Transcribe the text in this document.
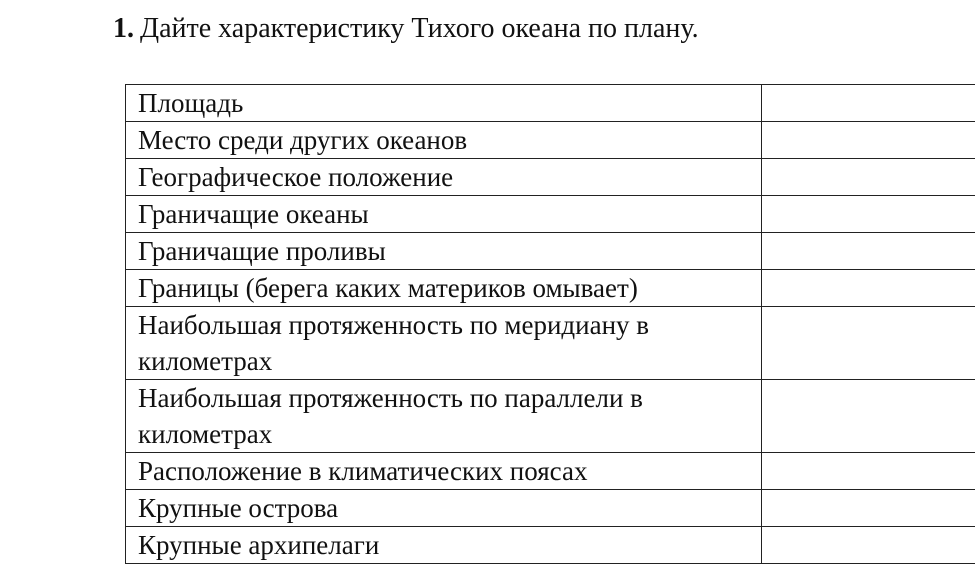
1. Дайте характеристику Тихого океана по плану.
Площадь	
Место среди других океанов	
Географическое положение	
Граничащие океаны	
Граничащие проливы	
Границы (берега каких материков омывает)	
Наибольшая протяженность по меридиану в километрах	
Наибольшая протяженность по параллели в километрах	
Расположение в климатических поясах	
Крупные острова	
Крупные архипелаги	
